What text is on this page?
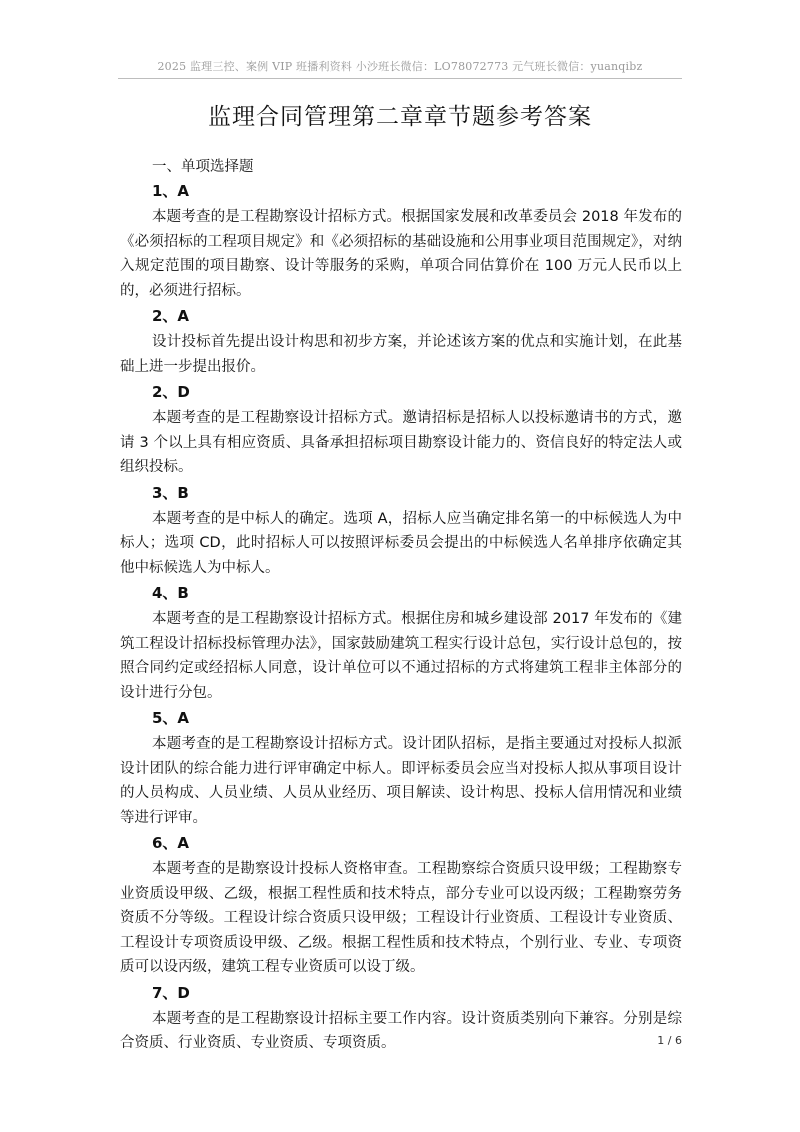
2025 监理三控、案例 VIP 班播利资料 小沙班长微信：LO78072773 元气班长微信：yuanqibz
监理合同管理第二章章节题参考答案
一、单项选择题
1、A
本题考查的是工程勘察设计招标方式。根据国家发展和改革委员会 2018 年发布的《必须招标的工程项目规定》和《必须招标的基础设施和公用事业项目范围规定》，对纳入规定范围的项目勘察、设计等服务的采购，单项合同估算价在 100 万元人民币以上的，必须进行招标。
2、A
设计投标首先提出设计构思和初步方案，并论述该方案的优点和实施计划，在此基础上进一步提出报价。
2、D
本题考查的是工程勘察设计招标方式。邀请招标是招标人以投标邀请书的方式，邀请 3 个以上具有相应资质、具备承担招标项目勘察设计能力的、资信良好的特定法人或组织投标。
3、B
本题考查的是中标人的确定。选项 A，招标人应当确定排名第一的中标候选人为中标人；选项 CD，此时招标人可以按照评标委员会提出的中标候选人名单排序依确定其他中标候选人为中标人。
4、B
本题考查的是工程勘察设计招标方式。根据住房和城乡建设部 2017 年发布的《建筑工程设计招标投标管理办法》，国家鼓励建筑工程实行设计总包，实行设计总包的，按照合同约定或经招标人同意，设计单位可以不通过招标的方式将建筑工程非主体部分的设计进行分包。
5、A
本题考查的是工程勘察设计招标方式。设计团队招标，是指主要通过对投标人拟派设计团队的综合能力进行评审确定中标人。即评标委员会应当对投标人拟从事项目设计的人员构成、人员业绩、人员从业经历、项目解读、设计构思、投标人信用情况和业绩等进行评审。
6、A
本题考查的是勘察设计投标人资格审查。工程勘察综合资质只设甲级；工程勘察专业资质设甲级、乙级，根据工程性质和技术特点，部分专业可以设丙级；工程勘察劳务资质不分等级。工程设计综合资质只设甲级；工程设计行业资质、工程设计专业资质、工程设计专项资质设甲级、乙级。根据工程性质和技术特点，个别行业、专业、专项资质可以设丙级，建筑工程专业资质可以设丁级。
7、D
本题考查的是工程勘察设计招标主要工作内容。设计资质类别向下兼容。分别是综合资质、行业资质、专业资质、专项资质。	1 / 6
